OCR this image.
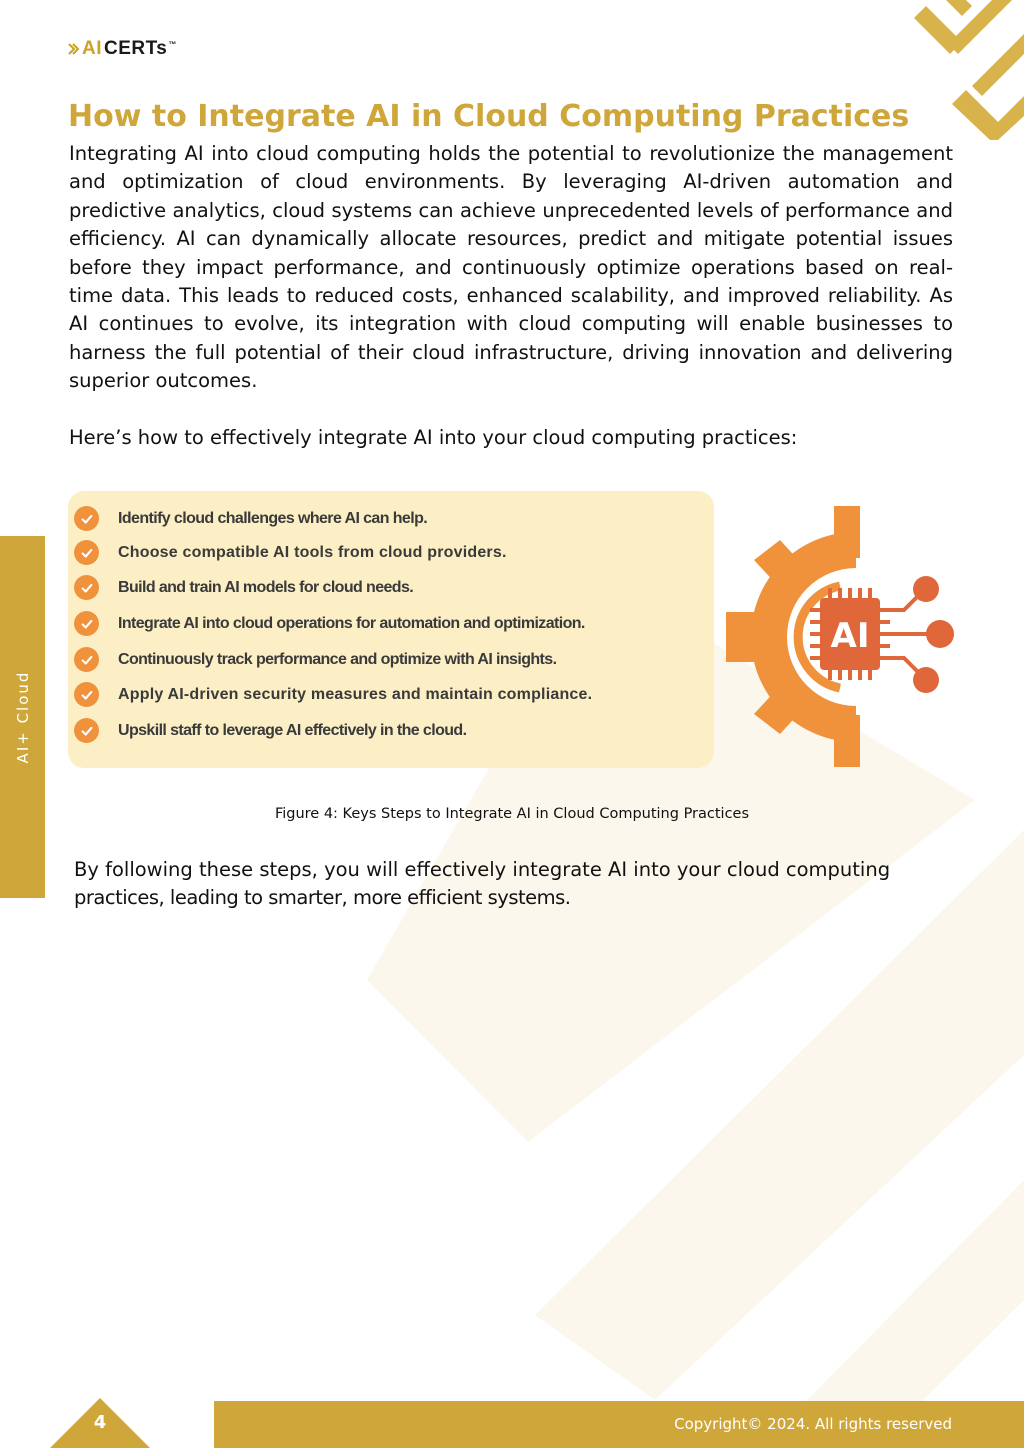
AI CERTs™
AI+ Cloud
How to Integrate AI in Cloud Computing Practices

Integrating AI into cloud computing holds the potential to revolutionize the management and optimization of cloud environments. By leveraging AI-driven automation and predictive analytics, cloud systems can achieve unprecedented levels of performance and efficiency. AI can dynamically allocate resources, predict and mitigate potential issues before they impact performance, and continuously optimize operations based on real-time data. This leads to reduced costs, enhanced scalability, and improved reliability. As AI continues to evolve, its integration with cloud computing will enable businesses to harness the full potential of their cloud infrastructure, driving innovation and delivering superior outcomes.

Here’s how to effectively integrate AI into your cloud computing practices:

Identify cloud challenges where AI can help.
Choose compatible AI tools from cloud providers.
Build and train AI models for cloud needs.
Integrate AI into cloud operations for automation and optimization.
Continuously track performance and optimize with AI insights.
Apply AI-driven security measures and maintain compliance.
Upskill staff to leverage AI effectively in the cloud.
AI

Figure 4: Keys Steps to Integrate AI in Cloud Computing Practices

By following these steps, you will effectively integrate AI into your cloud computing
practices, leading to smarter, more efficient systems.

4	Copyright© 2024. All rights reserved
